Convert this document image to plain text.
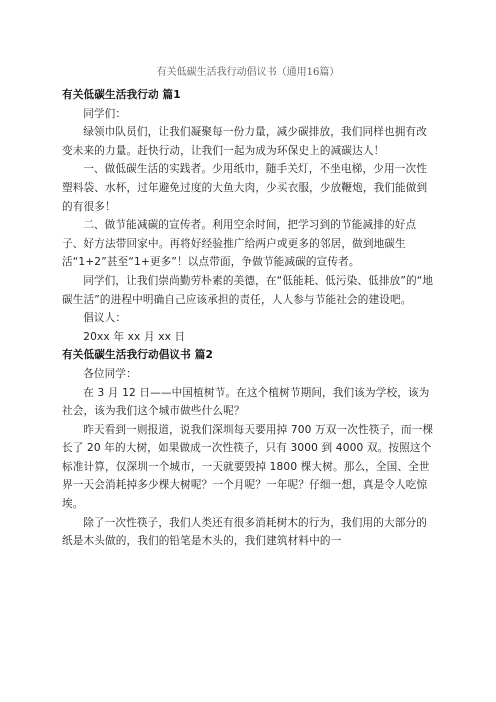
有关低碳生活我行动倡议书（通用16篇）

有关低碳生活我行动 篇1

同学们：

绿领巾队员们，让我们凝聚每一份力量，减少碳排放，我们同样也拥有改变未来的力量。赶快行动，让我们一起为成为环保史上的减碳达人！

一、做低碳生活的实践者。少用纸巾，随手关灯，不坐电梯，少用一次性塑料袋、水杯，过年避免过度的大鱼大肉，少买衣服，少放鞭炮，我们能做到的有很多！

二、做节能减碳的宣传者。利用空余时间，把学习到的节能减排的好点子、好方法带回家中。再将好经验推广给两户或更多的邻居，做到地碳生活“1+2”甚至“1+更多”！以点带面，争做节能减碳的宣传者。

同学们，让我们崇尚勤劳朴素的美德，在“低能耗、低污染、低排放”的“地碳生活”的进程中明确自己应该承担的责任，人人参与节能社会的建设吧。

倡议人：

20xx 年 xx 月 xx 日

有关低碳生活我行动倡议书 篇2

各位同学：

在 3 月 12 日——中国植树节。在这个植树节期间，我们该为学校，该为社会，该为我们这个城市做些什么呢？

昨天看到一则报道，说我们深圳每天要用掉 700 万双一次性筷子，而一棵长了 20 年的大树，如果做成一次性筷子，只有 3000 到 4000 双。按照这个标准计算，仅深圳一个城市，一天就要毁掉 1800 棵大树。那么，全国、全世界一天会消耗掉多少棵大树呢？一个月呢？一年呢？仔细一想，真是令人吃惊埃。

除了一次性筷子，我们人类还有很多消耗树木的行为，我们用的大部分的纸是木头做的，我们的铅笔是木头的，我们建筑材料中的一
